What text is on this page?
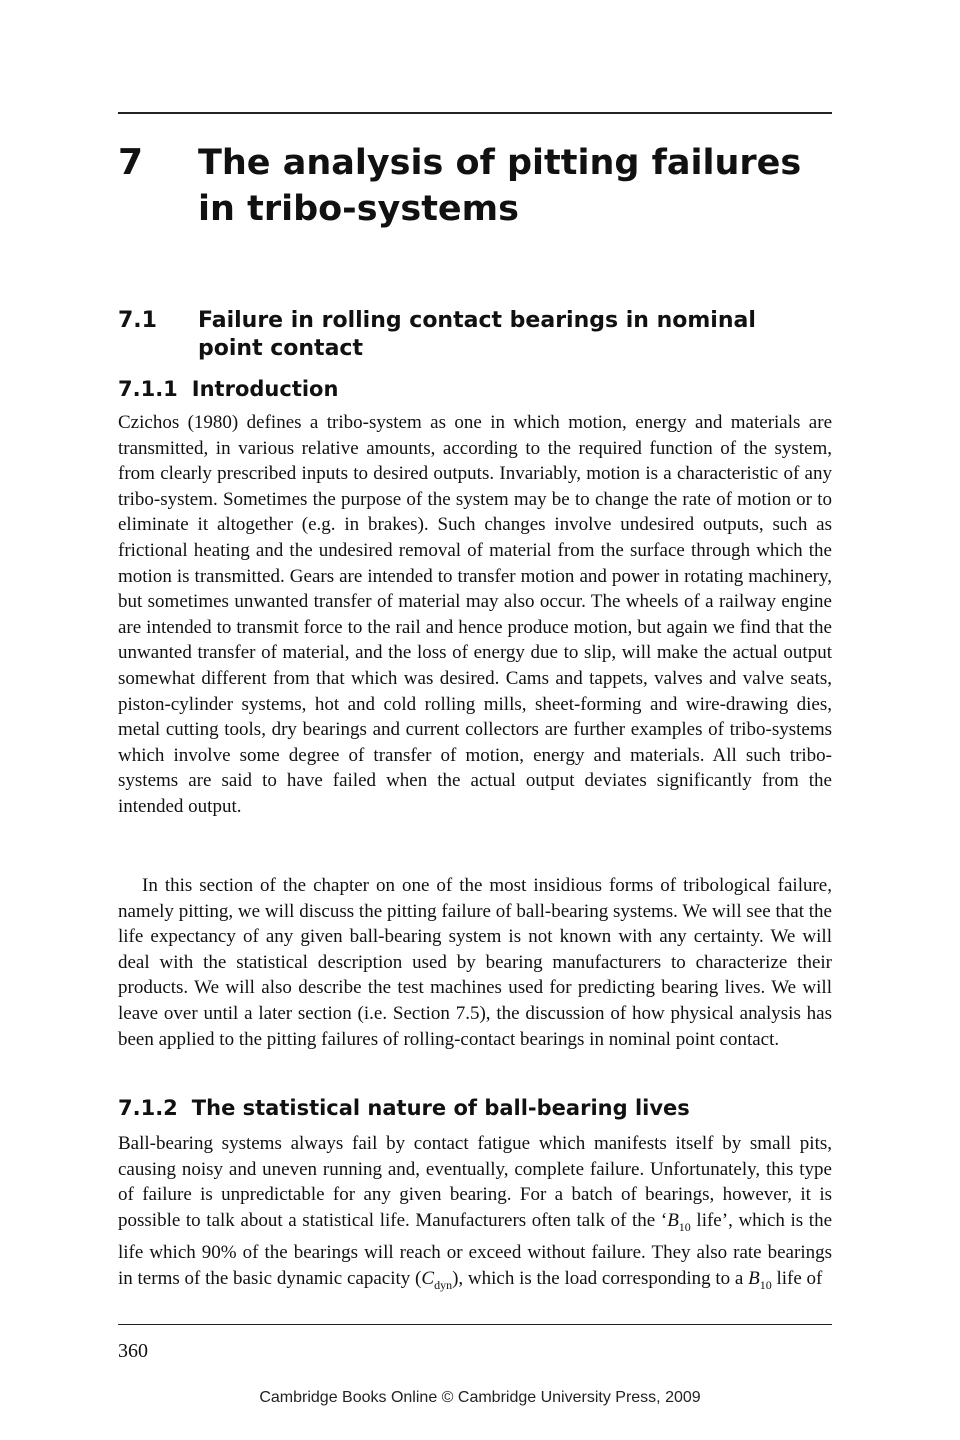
7 The analysis of pitting failures in tribo-systems
7.1 Failure in rolling contact bearings in nominal point contact
7.1.1 Introduction

Czichos (1980) defines a tribo-system as one in which motion, energy and materials are transmitted, in various relative amounts, according to the required function of the system, from clearly prescribed inputs to desired outputs. Invariably, motion is a characteristic of any tribo-system. Sometimes the purpose of the system may be to change the rate of motion or to eliminate it altogether (e.g. in brakes). Such changes involve undesired outputs, such as frictional heating and the undesired removal of material from the surface through which the motion is transmitted. Gears are intended to transfer motion and power in rotating machinery, but sometimes unwanted transfer of material may also occur. The wheels of a railway engine are intended to transmit force to the rail and hence produce motion, but again we find that the unwanted transfer of material, and the loss of energy due to slip, will make the actual output somewhat different from that which was desired. Cams and tappets, valves and valve seats, piston-cylinder systems, hot and cold rolling mills, sheet-forming and wire-drawing dies, metal cutting tools, dry bearings and current collectors are further examples of tribo-systems which involve some degree of transfer of motion, energy and materials. All such tribo-systems are said to have failed when the actual output deviates significantly from the intended output.

In this section of the chapter on one of the most insidious forms of tribological failure, namely pitting, we will discuss the pitting failure of ball-bearing systems. We will see that the life expectancy of any given ball-bearing system is not known with any certainty. We will deal with the statistical description used by bearing manufacturers to characterize their products. We will also describe the test machines used for predicting bearing lives. We will leave over until a later section (i.e. Section 7.5), the discussion of how physical analysis has been applied to the pitting failures of rolling-contact bearings in nominal point contact.

7.1.2 The statistical nature of ball-bearing lives

Ball-bearing systems always fail by contact fatigue which manifests itself by small pits, causing noisy and uneven running and, eventually, complete failure. Unfortunately, this type of failure is unpredictable for any given bearing. For a batch of bearings, however, it is possible to talk about a statistical life. Manufacturers often talk of the ‘$B_{10}$ life’, which is the life which 90% of the bearings will reach or exceed without failure. They also rate bearings in terms of the basic dynamic capacity $(C_{dyn})$, which is the load corresponding to a $B_{10}$ life of

360
Cambridge Books Online © Cambridge University Press, 2009
